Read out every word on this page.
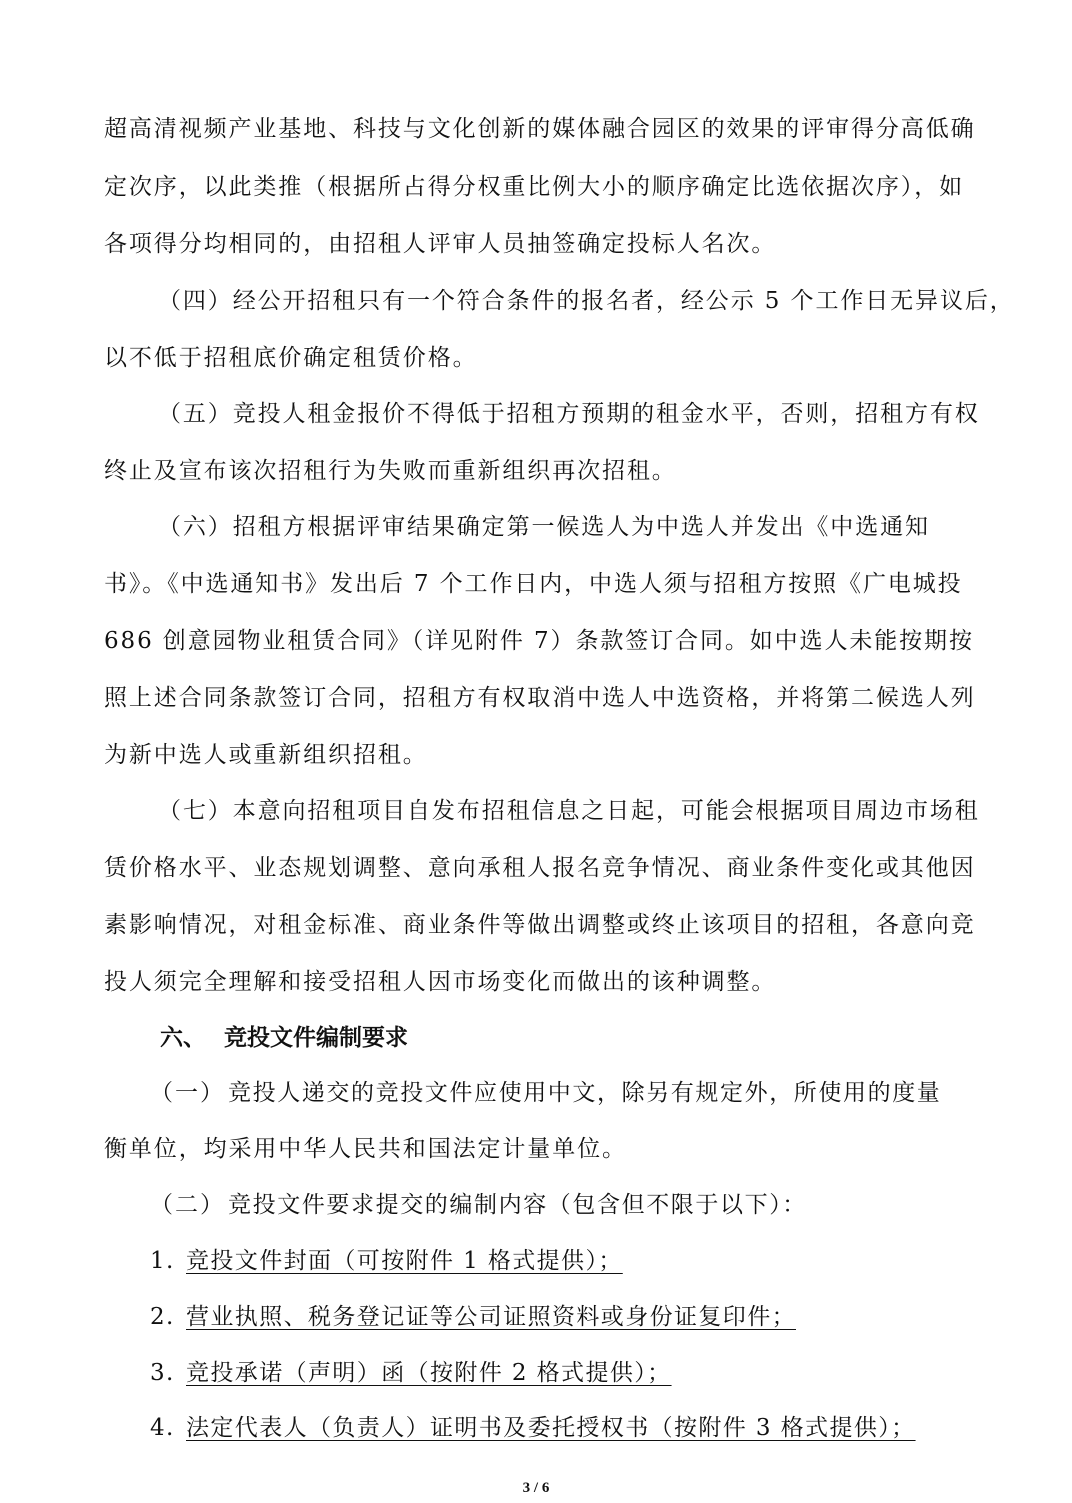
超高清视频产业基地、科技与文化创新的媒体融合园区的效果的评审得分高低确
定次序，以此类推（根据所占得分权重比例大小的顺序确定比选依据次序），如
各项得分均相同的，由招租人评审人员抽签确定投标人名次。
（四）经公开招租只有一个符合条件的报名者，经公示 5 个工作日无异议后，
以不低于招租底价确定租赁价格。
（五）竞投人租金报价不得低于招租方预期的租金水平，否则，招租方有权
终止及宣布该次招租行为失败而重新组织再次招租。
（六）招租方根据评审结果确定第一候选人为中选人并发出《中选通知
书》。《中选通知书》发出后 7 个工作日内，中选人须与招租方按照《广电城投
686 创意园物业租赁合同》（详见附件 7）条款签订合同。如中选人未能按期按
照上述合同条款签订合同，招租方有权取消中选人中选资格，并将第二候选人列
为新中选人或重新组织招租。
（七）本意向招租项目自发布招租信息之日起，可能会根据项目周边市场租
赁价格水平、业态规划调整、意向承租人报名竞争情况、商业条件变化或其他因
素影响情况，对租金标准、商业条件等做出调整或终止该项目的招租，各意向竞
投人须完全理解和接受招租人因市场变化而做出的该种调整。
六、 竞投文件编制要求
（一） 竞投人递交的竞投文件应使用中文，除另有规定外，所使用的度量
衡单位，均采用中华人民共和国法定计量单位。
（二） 竞投文件要求提交的编制内容（包含但不限于以下）：
1. 竞投文件封面（可按附件 1 格式提供）；
2. 营业执照、税务登记证等公司证照资料或身份证复印件；
3. 竞投承诺（声明）函（按附件 2 格式提供）；
4. 法定代表人（负责人）证明书及委托授权书（按附件 3 格式提供）；
3 / 6
